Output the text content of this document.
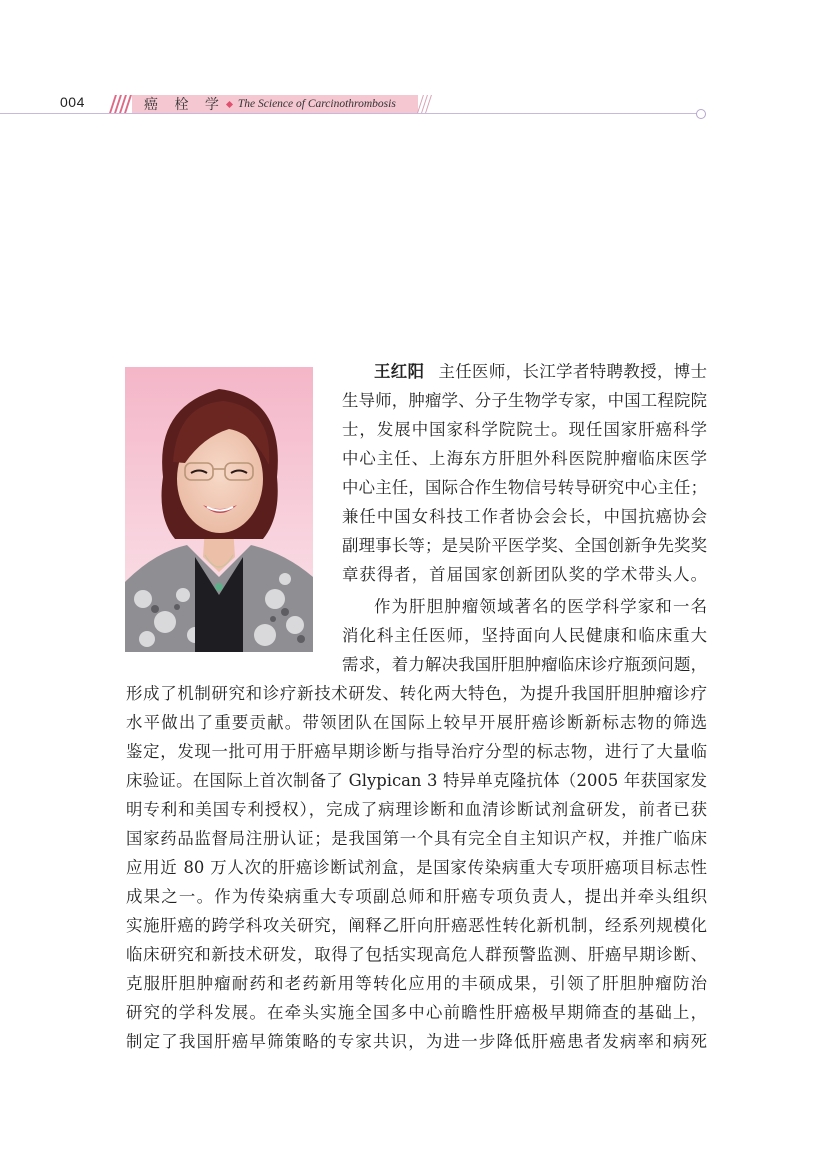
004	癌 栓 学 The Science of Carcinothrombosis
王红阳 主任医师，长江学者特聘教授，博士
生导师，肿瘤学、分子生物学专家，中国工程院院
士，发展中国家科学院院士。现任国家肝癌科学
中心主任、上海东方肝胆外科医院肿瘤临床医学
中心主任，国际合作生物信号转导研究中心主任；
兼任中国女科技工作者协会会长，中国抗癌协会
副理事长等；是吴阶平医学奖、全国创新争先奖奖
章获得者，首届国家创新团队奖的学术带头人。
作为肝胆肿瘤领域著名的医学科学家和一名
消化科主任医师，坚持面向人民健康和临床重大
需求，着力解决我国肝胆肿瘤临床诊疗瓶颈问题，
形成了机制研究和诊疗新技术研发、转化两大特色，为提升我国肝胆肿瘤诊疗
水平做出了重要贡献。带领团队在国际上较早开展肝癌诊断新标志物的筛选
鉴定，发现一批可用于肝癌早期诊断与指导治疗分型的标志物，进行了大量临
床验证。在国际上首次制备了 Glypican 3 特异单克隆抗体（2005 年获国家发
明专利和美国专利授权），完成了病理诊断和血清诊断试剂盒研发，前者已获
国家药品监督局注册认证；是我国第一个具有完全自主知识产权，并推广临床
应用近 80 万人次的肝癌诊断试剂盒，是国家传染病重大专项肝癌项目标志性
成果之一。作为传染病重大专项副总师和肝癌专项负责人，提出并牵头组织
实施肝癌的跨学科攻关研究，阐释乙肝向肝癌恶性转化新机制，经系列规模化
临床研究和新技术研发，取得了包括实现高危人群预警监测、肝癌早期诊断、
克服肝胆肿瘤耐药和老药新用等转化应用的丰硕成果，引领了肝胆肿瘤防治
研究的学科发展。在牵头实施全国多中心前瞻性肝癌极早期筛查的基础上，
制定了我国肝癌早筛策略的专家共识，为进一步降低肝癌患者发病率和病死
